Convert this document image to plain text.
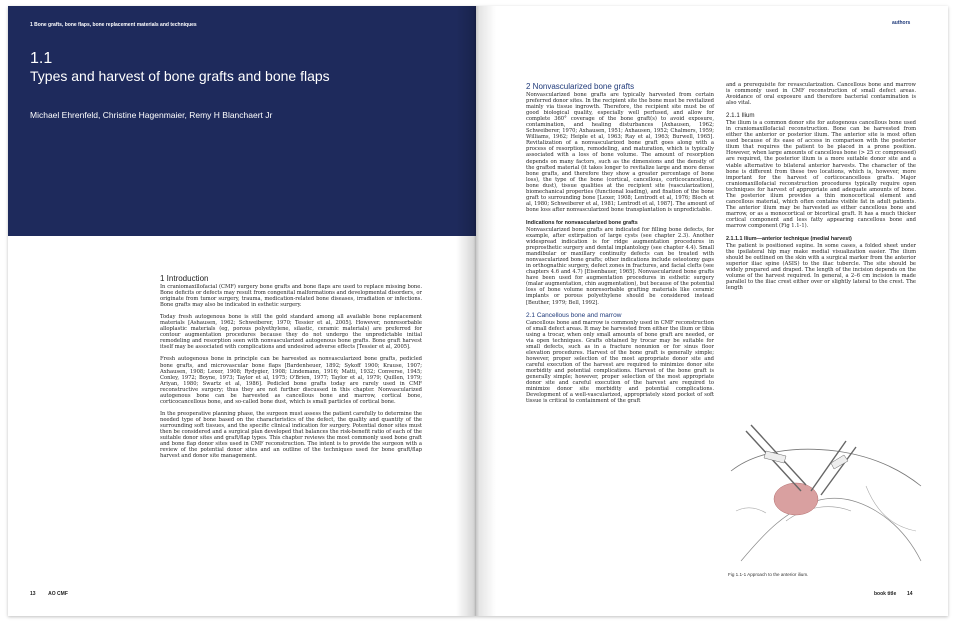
1 Bone grafts, bone flaps, bone replacement materials and techniques
1.1
Types and harvest of bone grafts and bone flaps
Michael Ehrenfeld, Christine Hagenmaier, Remy H Blanchaert Jr
1 Introduction

In craniomaxillofacial (CMF) surgery bone grafts and bone flaps are used to replace missing bone. Bone deficits or defects may result from congenital malformations and developmental disorders, or originate from tumor surgery, trauma, medication-related bone diseases, irradiation or infections. Bone grafts may also be indicated in esthetic surgery.

Today fresh autogenous bone is still the gold standard among all available bone replacement materials [Ashausen, 1962; Schweiberer, 1970; Tessier et al, 2005]. However, nonresorbable alloplastic materials (eg, porous polyethylene, silastic, ceramic materials) are preferred for contour augmentation procedures because they do not undergo the unpredictable initial remodeling and resorption seen with nonvascularized autogenous bone grafts. Bone graft harvest itself may be associated with complications and undesired adverse effects [Tessier et al, 2005].

Fresh autogenous bone in principle can be harvested as nonvascularized bone grafts, pedicled bone grafts, and microvascular bone flaps [Bardenheuer, 1892; Sykoff 1900; Krause, 1907; Axhausen, 1908; Lexer, 1908; Rydygier, 1908; Lindemann, 1916; Matti, 1932; Converse, 1945; Conley, 1972; Boyne, 1973; Taylor et al, 1975; O'Brien, 1977; Taylor et al, 1979; Quillen, 1979; Ariyan, 1980; Swartz et al, 1986]. Pedicled bone grafts today are rarely used in CMF reconstructive surgery; thus they are not further discussed in this chapter. Nonvascularized autogenous bone can be harvested as cancellous bone and marrow, cortical bone, corticocancellous bone, and so-called bone dust, which is small particles of cortical bone.

In the preoperative planning phase, the surgeon must assess the patient carefully to determine the needed type of bone based on the characteristics of the defect, the quality and quantity of the surrounding soft tissues, and the specific clinical indication for surgery. Potential donor sites must then be considered and a surgical plan developed that balances the risk-benefit ratio of each of the suitable donor sites and graft/flap types. This chapter reviews the most commonly used bone graft and bone flap donor sites used in CMF reconstruction. The intent is to provide the surgeon with a review of the potential donor sites and an outline of the techniques used for bone graft/flap harvest and donor site management.

13	AO CMF
authors
2 Nonvascularized bone grafts

Nonvascularized bone grafts are typically harvested from certain preferred donor sites. In the recipient site the bone must be revitalized mainly via tissue ingrowth. Therefore, the recipient site must be of good biological quality, especially well perfused, and allow for complete 360° coverage of the bone graft(s) to avoid exposure, contamination, and healing disturbances [Axhausen, 1962; Schweiberer, 1970; Axhausen, 1951; Axhausen, 1952; Chalmers, 1959; Williams, 1962; Heiple et al, 1963; Ray et al, 1963; Burwell, 1965]. Revitalization of a nonvascularized bone graft goes along with a process of resorption, remodeling, and maturation, which is typically associated with a loss of bone volume. The amount of resorption depends on many factors, such as the dimensions and the density of the grafted material (it takes longer to revitalize large and more dense bone grafts, and therefore they show a greater percentage of bone loss), the type of the bone (cortical, cancellous, corticocancellous, bone dust), tissue qualities at the recipient site (vascularization), biomechanical properties (functional loading), and fixation of the bone graft to surrounding bone [Lexer, 1908; Lentrodt et al, 1976; Bloch et al, 1980; Schweiberer et al, 1981; Lentrodt et al, 1987]. The amount of bone loss after nonvascularized bone transplantation is unpredictable.

Indications for nonvascularized bone grafts

Nonvascularized bone grafts are indicated for filling bone defects, for example, after extirpation of large cysts (see chapter 2.3). Another widespread indication is for ridge augmentation procedures in preprosthetic surgery and dental implantology (see chapter 4.4). Small mandibular or maxillary continuity defects can be treated with nonvascularized bone grafts; other indications include osteotomy gaps in orthognathic surgery, defect zones in fractures, and facial clefts (see chapters 4.6 and 4.7) [Eisenbauer, 1965]. Nonvascularized bone grafts have been used for augmentation procedures in esthetic surgery (malar augmentation, chin augmentation), but because of the potential loss of bone volume nonresorbable grafting materials like ceramic implants or porous polyethylene should be considered instead [Beuther, 1979; Bell, 1992].

2.1 Cancellous bone and marrow

Cancellous bone and marrow is commonly used in CMF reconstruction of small defect areas. It may be harvested from either the ilium or tibia using a trocar, when only small amounts of bone graft are needed, or via open techniques. Grafts obtained by trocar may be suitable for small defects, such as in a fracture nonunion or for sinus floor elevation procedures. Harvest of the bone graft is generally simple; however, proper selection of the most appropriate donor site and careful execution of the harvest are required to minimize donor site morbidity and potential complications. Harvest of the bone graft is generally simple; however, proper selection of the most appropriate donor site and careful execution of the harvest are required to minimize donor site morbidity and potential complications. Development of a well-vascularized, appropriately sized pocket of soft tissue is critical to containment of the graft

and a prerequisite for revascularization. Cancellous bone and marrow is commonly used in CMF reconstruction of small defect areas. Avoidance of oral exposure and therefore bacterial contamination is also vital.

2.1.1 Ilium

The ilium is a common donor site for autogenous cancellous bone used in craniomaxillofacial reconstruction. Bone can be harvested from either the anterior or posterior ilium. The anterior site is most often used because of its ease of access in comparison with the posterior ilium that requires the patient to be placed in a prone position. However, when large amounts of cancellous bone (> 25 cc compressed) are required, the posterior ilium is a more suitable donor site and a viable alternative to bilateral anterior harvests. The character of the bone is different from these two locations, which is, however, more important for the harvest of corticocancellous grafts. Major craniomaxillofacial reconstruction procedures typically require open techniques for harvest of appropriate and adequate amounts of bone. The posterior ilium provides a thin monocortical element and cancellous material, which often contains visible fat in adult patients. The anterior ilium may be harvested as either cancellous bone and marrow, or as a monocortical or bicortical graft. It has a much thicker cortical component and less fatty appearing cancellous bone and marrow component (Fig 1.1-1).

2.1.1.1 Ilium—anterior technique (medial harvest)

The patient is positioned supine. In some cases, a folded sheet under the ipsilateral hip may make medial visualization easier. The ilium should be outlined on the skin with a surgical marker from the anterior superior iliac spine (ASIS) to the iliac tubercle. The site should be widely prepared and draped. The length of the incision depends on the volume of the harvest required. In general, a 2–6 cm incision is made parallel to the iliac crest either over or slightly lateral to the crest. The length

Fig 1.1-1 Approach to the anterior ilium.
book title 14
